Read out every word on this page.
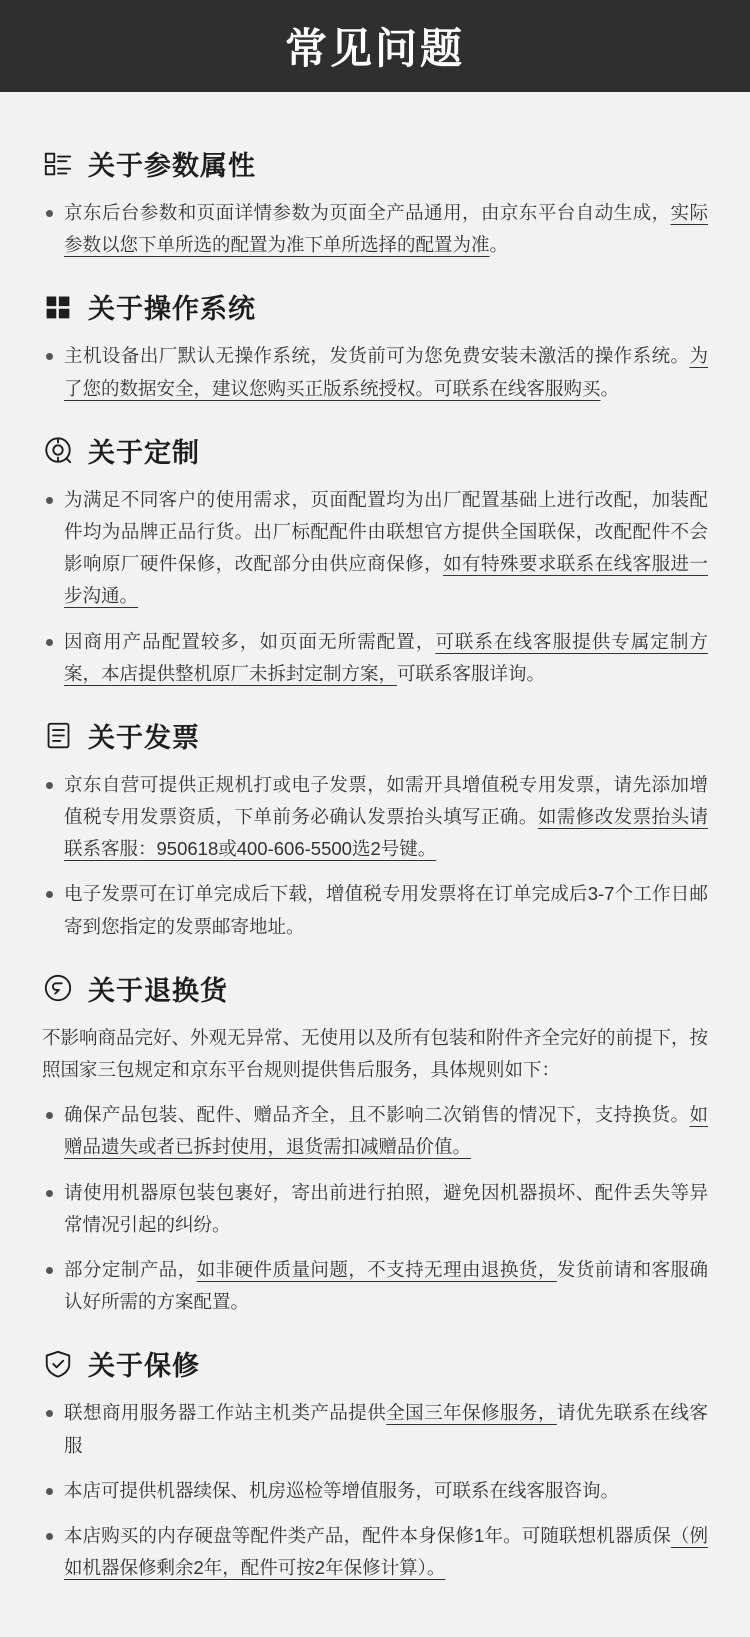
常见问题
关于参数属性
京东后台参数和页面详情参数为页面全产品通用，由京东平台自动生成，实际参数以您下单所选的配置为准下单所选择的配置为准。
关于操作系统
主机设备出厂默认无操作系统，发货前可为您免费安装未激活的操作系统。为了您的数据安全，建议您购买正版系统授权。可联系在线客服购买。
关于定制
为满足不同客户的使用需求，页面配置均为出厂配置基础上进行改配，加装配件均为品牌正品行货。出厂标配配件由联想官方提供全国联保，改配配件不会影响原厂硬件保修，改配部分由供应商保修，如有特殊要求联系在线客服进一步沟通。
因商用产品配置较多，如页面无所需配置，可联系在线客服提供专属定制方案，本店提供整机原厂未拆封定制方案，可联系客服详询。
关于发票
京东自营可提供正规机打或电子发票，如需开具增值税专用发票，请先添加增值税专用发票资质，下单前务必确认发票抬头填写正确。如需修改发票抬头请联系客服：950618或400-606-5500选2号键。
电子发票可在订单完成后下载，增值税专用发票将在订单完成后3-7个工作日邮寄到您指定的发票邮寄地址。
关于退换货

不影响商品完好、外观无异常、无使用以及所有包装和附件齐全完好的前提下，按照国家三包规定和京东平台规则提供售后服务，具体规则如下：

确保产品包装、配件、赠品齐全，且不影响二次销售的情况下，支持换货。如赠品遗失或者已拆封使用，退货需扣减赠品价值。
请使用机器原包装包裹好，寄出前进行拍照，避免因机器损坏、配件丢失等异常情况引起的纠纷。
部分定制产品，如非硬件质量问题，不支持无理由退换货，发货前请和客服确认好所需的方案配置。
关于保修
联想商用服务器工作站主机类产品提供全国三年保修服务，请优先联系在线客服
本店可提供机器续保、机房巡检等增值服务，可联系在线客服咨询。
本店购买的内存硬盘等配件类产品，配件本身保修1年。可随联想机器质保（例如机器保修剩余2年，配件可按2年保修计算）。
